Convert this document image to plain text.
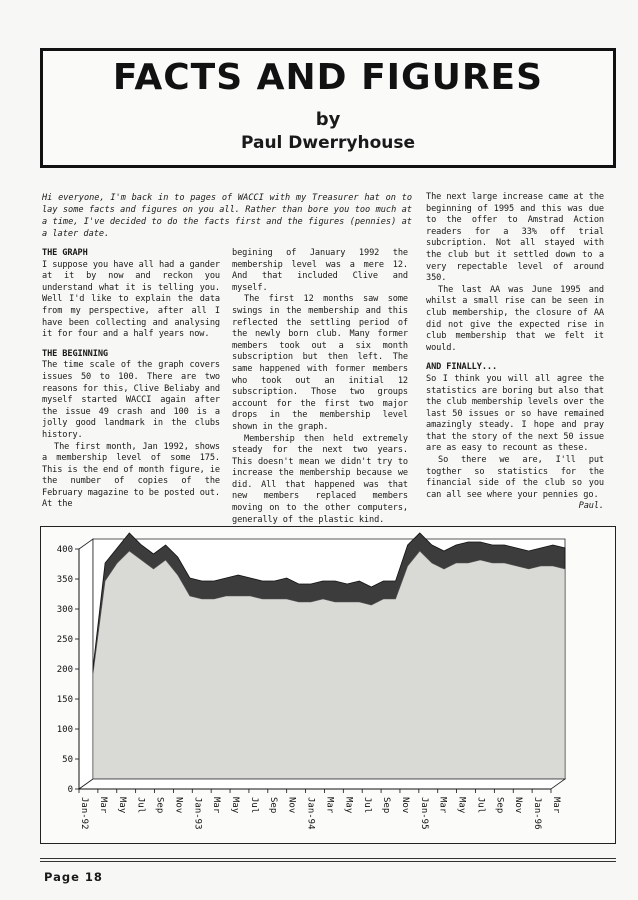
FACTS AND FIGURES
by
Paul Dwerryhouse
Hi everyone, I'm back in to pages of WACCI with my Treasurer hat on to lay some facts and figures on you all. Rather than bore you too much at a time, I've decided to do the facts first and the figures (pennies) at a later date.
THE GRAPH

I suppose you have all had a gander at it by now and reckon you understand what it is telling you. Well I'd like to explain the data from my perspective, after all I have been collecting and analysing it for four and a half years now.

THE BEGINNING

The time scale of the graph covers issues 50 to 100. There are two reasons for this, Clive Beliaby and myself started WACCI again after the issue 49 crash and 100 is a jolly good landmark in the clubs history.

The first month, Jan 1992, shows a membership level of some 175. This is the end of month figure, ie the number of copies of the February magazine to be posted out. At the

begining of January 1992 the membership level was a mere 12. And that included Clive and myself.

The first 12 months saw some swings in the membership and this reflected the settling period of the newly born club. Many former members took out a six month subscription but then left. The same happened with former members who took out an initial 12 subscription. Those two groups account for the first two major drops in the membership level shown in the graph.

Membership then held extremely steady for the next two years. This doesn't mean we didn't try to increase the membership because we did. All that happened was that new members replaced members moving on to the other computers, generally of the plastic kind.

The next large increase came at the beginning of 1995 and this was due to the offer to Amstrad Action readers for a 33% off trial subcription. Not all stayed with the club but it settled down to a very repectable level of around 350.

The last AA was June 1995 and whilst a small rise can be seen in club membership, the closure of AA did not give the expected rise in club membership that we felt it would.

AND FINALLY...

So I think you will all agree the statistics are boring but also that the club membership levels over the last 50 issues or so have remained amazingly steady. I hope and pray that the story of the next 50 issue are as easy to recount as these.

So there we are, I'll put togther so statistics for the financial side of the club so you can all see where your pennies go.
Paul.

0
50
100
150
200
250
300
350
400
Jan-92 Mar May Jul Sep Nov Jan-93 Mar May Jul Sep Nov Jan-94 Mar May Jul Sep Nov Jan-95 Mar May Jul Sep Nov Jan-96 Mar
Page 18
